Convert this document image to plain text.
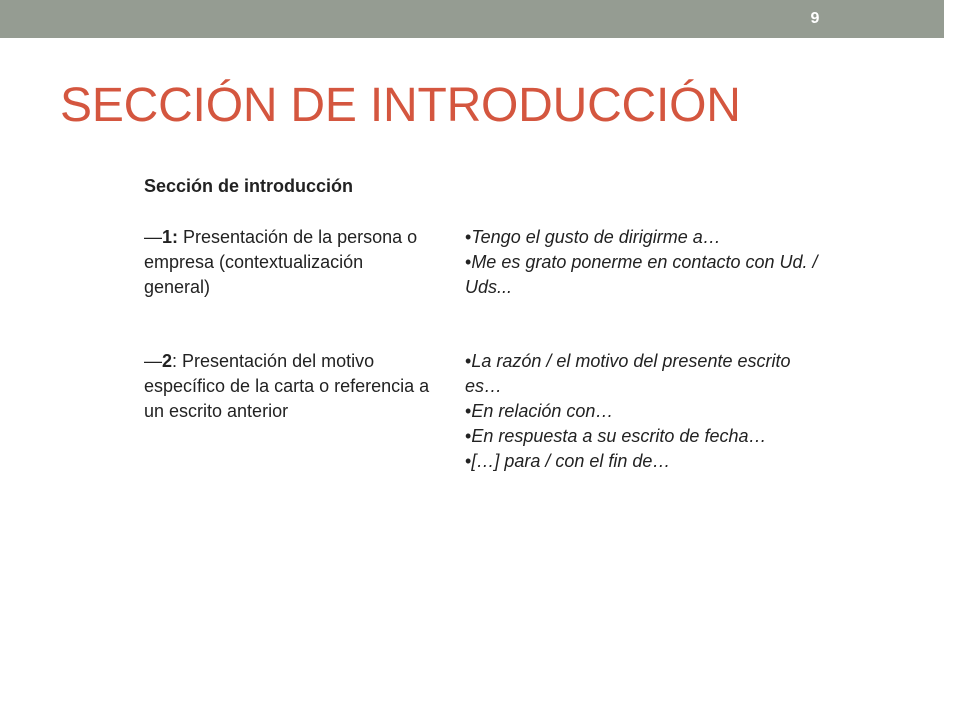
9
SECCIÓN DE INTRODUCCIÓN
Sección de introducción
—1: Presentación de la persona o empresa (contextualización general)
•Tengo el gusto de dirigirme a…
•Me es grato ponerme en contacto con Ud. / Uds...
—2: Presentación del motivo específico de la carta o referencia a un escrito anterior
•La razón / el motivo del presente escrito es…
•En relación con…
•En respuesta a su escrito de fecha…
•[…] para / con el fin de…
